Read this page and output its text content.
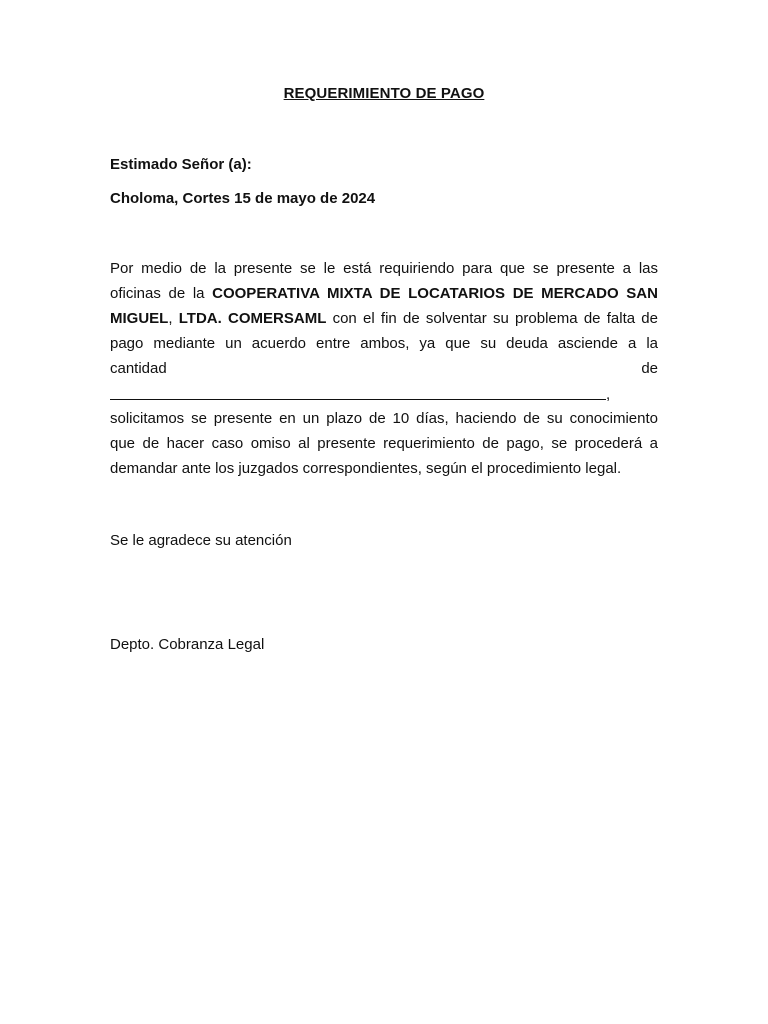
REQUERIMIENTO DE PAGO
Estimado Señor (a):
Choloma, Cortes 15 de mayo de 2024
Por medio de la presente se le está requiriendo para que se presente a las
oficinas de la COOPERATIVA MIXTA DE LOCATARIOS DE MERCADO SAN
MIGUEL, LTDA. COMERSAML con el fin de solventar su problema de falta de
pago mediante un acuerdo entre ambos, ya que su deuda asciende a la
cantidad	de
,
solicitamos se presente en un plazo de 10 días, haciendo de su conocimiento
que de hacer caso omiso al presente requerimiento de pago, se procederá a
demandar ante los juzgados correspondientes, según el procedimiento legal.
Se le agradece su atención
Depto. Cobranza Legal
